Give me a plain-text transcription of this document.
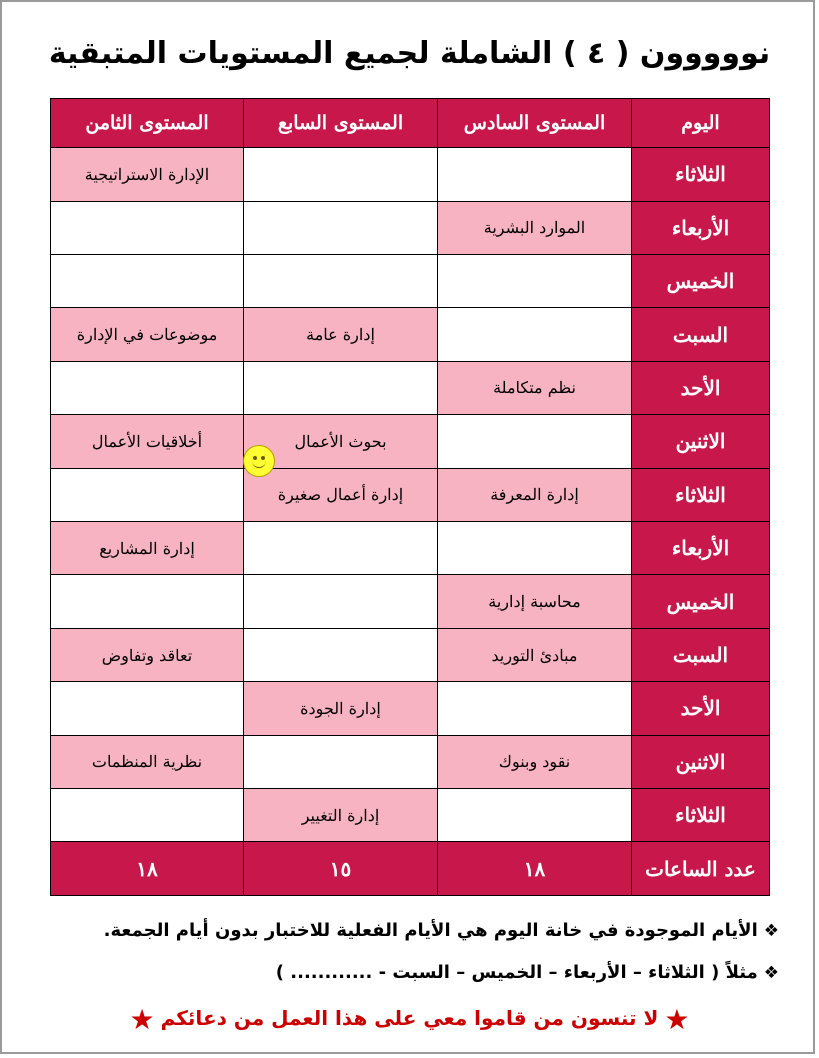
نووووون ( ٤ ) الشاملة لجميع المستويات المتبقية
اليوم	المستوى السادس	المستوى السابع	المستوى الثامن
الثلاثاء			الإدارة الاستراتيجية
الأربعاء	الموارد البشرية		
الخميس			
السبت		إدارة عامة	موضوعات في الإدارة
الأحد	نظم متكاملة		
الاثنين		بحوث الأعمال	أخلاقيات الأعمال
الثلاثاء	إدارة المعرفة	إدارة أعمال صغيرة	
الأربعاء			إدارة المشاريع
الخميس	محاسبة إدارية		
السبت	مبادئ التوريد		تعاقد وتفاوض
الأحد		إدارة الجودة	
الاثنين	نقود وبنوك		نظرية المنظمات
الثلاثاء		إدارة التغيير	
عدد الساعات	١٨	١٥	١٨
❖الأيام الموجودة في خانة اليوم هي الأيام الفعلية للاختبار بدون أيام الجمعة.
❖مثلاً ( الثلاثاء – الأربعاء – الخميس – السبت - ............ )
★لا تنسون من قاموا معي على هذا العمل من دعائكم★
